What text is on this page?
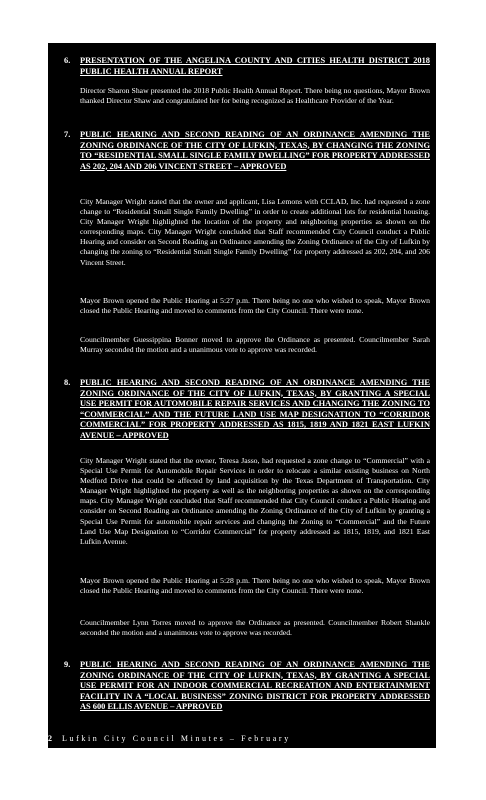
6. PRESENTATION OF THE ANGELINA COUNTY AND CITIES HEALTH DISTRICT 2018 PUBLIC HEALTH ANNUAL REPORT

Director Sharon Shaw presented the 2018 Public Health Annual Report. There being no questions, Mayor Brown thanked Director Shaw and congratulated her for being recognized as Healthcare Provider of the Year.

7. PUBLIC HEARING AND SECOND READING OF AN ORDINANCE AMENDING THE ZONING ORDINANCE OF THE CITY OF LUFKIN, TEXAS, BY CHANGING THE ZONING TO “RESIDENTIAL SMALL SINGLE FAMILY DWELLING” FOR PROPERTY ADDRESSED AS 202, 204 AND 206 VINCENT STREET – APPROVED

City Manager Wright stated that the owner and applicant, Lisa Lemons with CCLAD, Inc. had requested a zone change to “Residential Small Single Family Dwelling” in order to create additional lots for residential housing. City Manager Wright highlighted the location of the property and neighboring properties as shown on the corresponding maps. City Manager Wright concluded that Staff recommended City Council conduct a Public Hearing and consider on Second Reading an Ordinance amending the Zoning Ordinance of the City of Lufkin by changing the zoning to “Residential Small Single Family Dwelling” for property addressed as 202, 204, and 206 Vincent Street.

Mayor Brown opened the Public Hearing at 5:27 p.m. There being no one who wished to speak, Mayor Brown closed the Public Hearing and moved to comments from the City Council. There were none.

Councilmember Guessippina Bonner moved to approve the Ordinance as presented. Councilmember Sarah Murray seconded the motion and a unanimous vote to approve was recorded.

8. PUBLIC HEARING AND SECOND READING OF AN ORDINANCE AMENDING THE ZONING ORDINANCE OF THE CITY OF LUFKIN, TEXAS, BY GRANTING A SPECIAL USE PERMIT FOR AUTOMOBILE REPAIR SERVICES AND CHANGING THE ZONING TO “COMMERCIAL” AND THE FUTURE LAND USE MAP DESIGNATION TO “CORRIDOR COMMERCIAL” FOR PROPERTY ADDRESSED AS 1815, 1819 AND 1821 EAST LUFKIN AVENUE – APPROVED

City Manager Wright stated that the owner, Teresa Jasso, had requested a zone change to “Commercial” with a Special Use Permit for Automobile Repair Services in order to relocate a similar existing business on North Medford Drive that could be affected by land acquisition by the Texas Department of Transportation. City Manager Wright highlighted the property as well as the neighboring properties as shown on the corresponding maps. City Manager Wright concluded that Staff recommended that City Council conduct a Public Hearing and consider on Second Reading an Ordinance amending the Zoning Ordinance of the City of Lufkin by granting a Special Use Permit for automobile repair services and changing the Zoning to “Commercial” and the Future Land Use Map Designation to “Corridor Commercial” for property addressed as 1815, 1819, and 1821 East Lufkin Avenue.

Mayor Brown opened the Public Hearing at 5:28 p.m. There being no one who wished to speak, Mayor Brown closed the Public Hearing and moved to comments from the City Council. There were none.

Councilmember Lynn Torres moved to approve the Ordinance as presented. Councilmember Robert Shankle seconded the motion and a unanimous vote to approve was recorded.

9. PUBLIC HEARING AND SECOND READING OF AN ORDINANCE AMENDING THE ZONING ORDINANCE OF THE CITY OF LUFKIN, TEXAS, BY GRANTING A SPECIAL USE PERMIT FOR AN INDOOR COMMERCIAL RECREATION AND ENTERTAINMENT FACILITY IN A “LOCAL BUSINESS” ZONING DISTRICT FOR PROPERTY ADDRESSED AS 600 ELLIS AVENUE – APPROVED
2 Lufkin City Council Minutes – February
